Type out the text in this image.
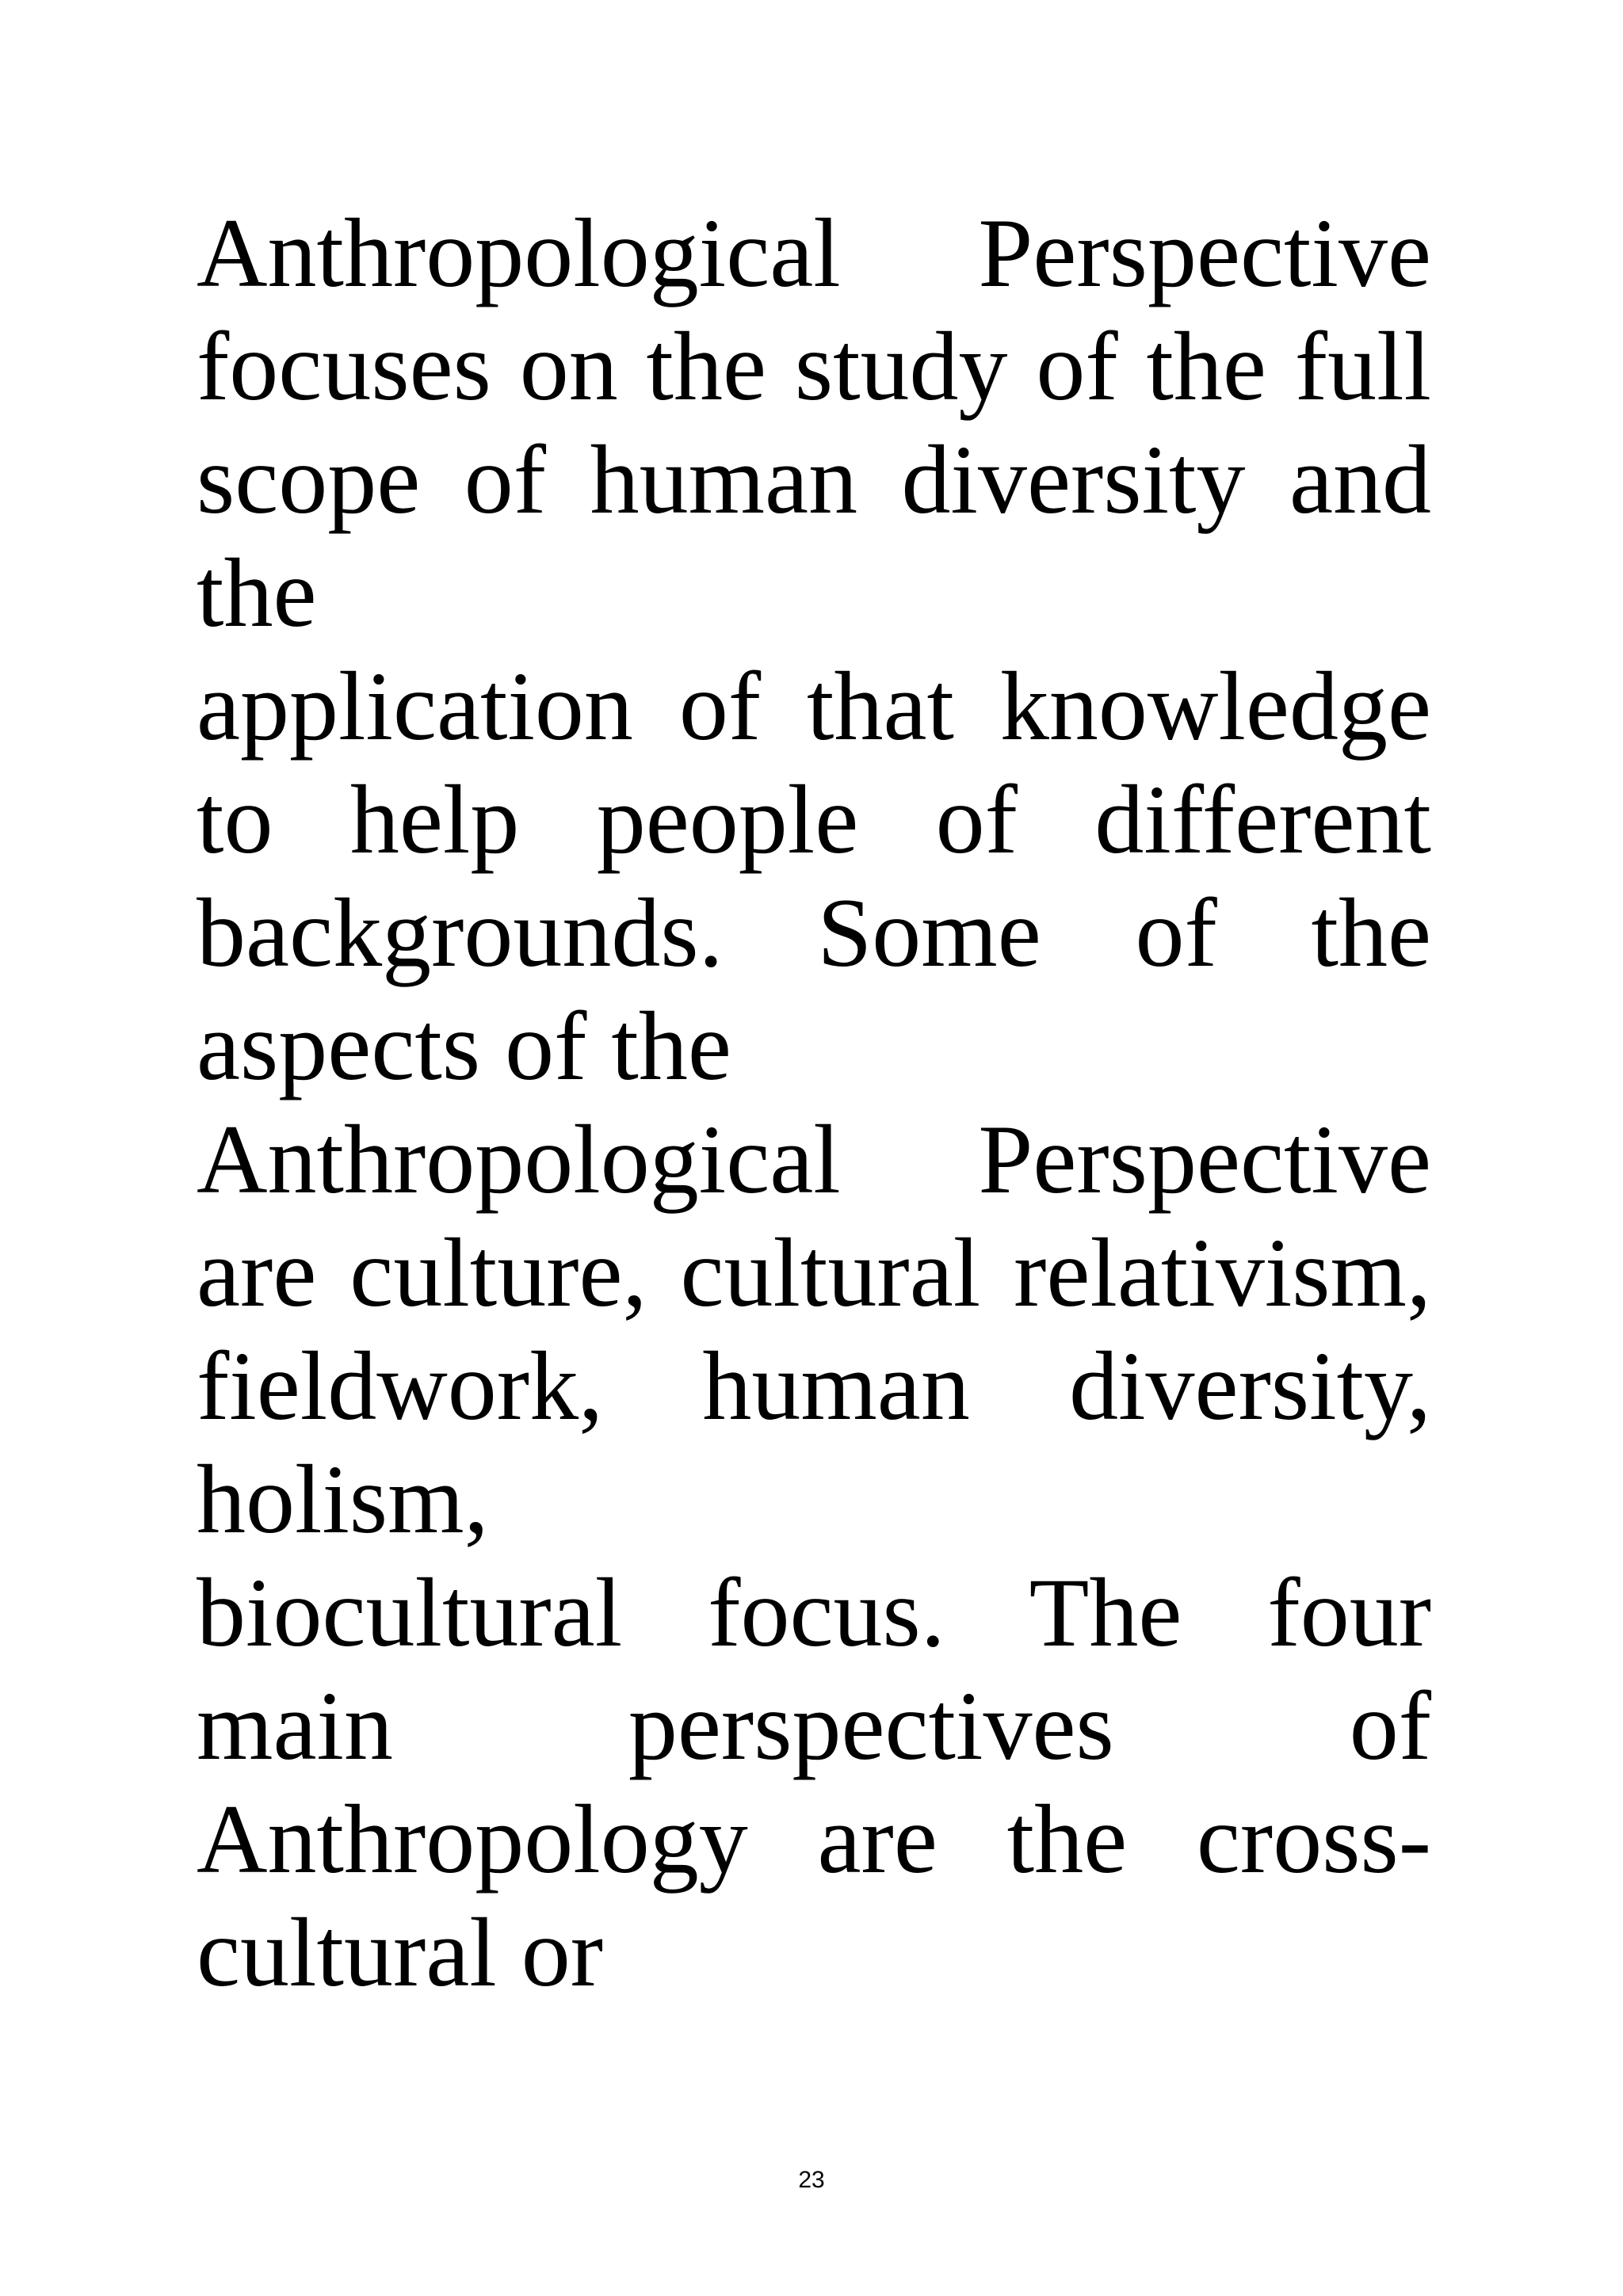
Anthropological Perspective

focuses on the study of the full

scope of human diversity and

the

application of that knowledge

to help people of different

backgrounds. Some of the

aspects of the

Anthropological Perspective

are culture, cultural relativism,

fieldwork, human diversity,

holism,

biocultural focus. The four

main perspectives of

Anthropology are the cross-

cultural or

23
